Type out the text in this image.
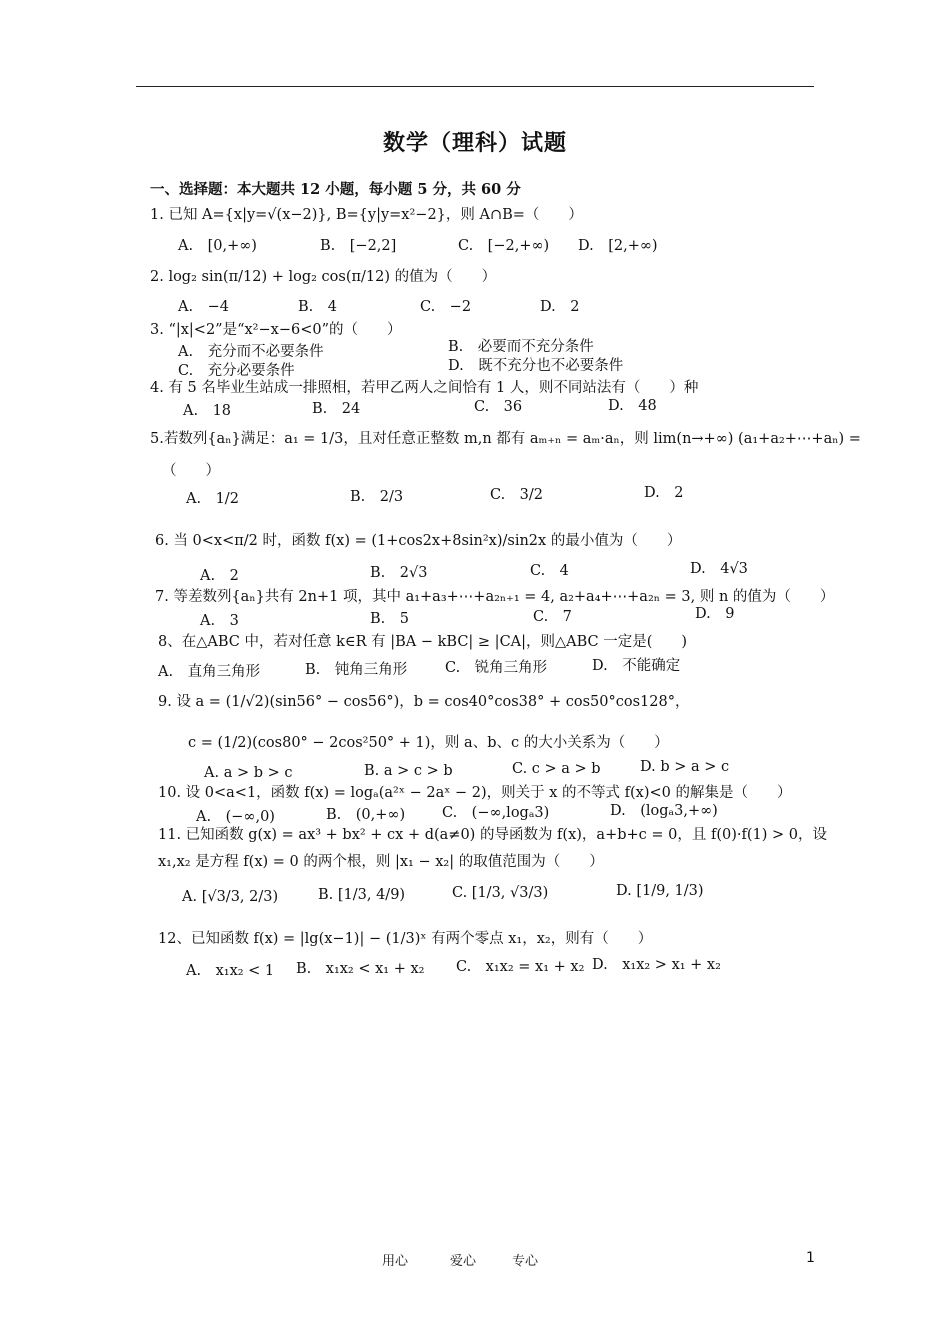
数学（理科）试题
一、选择题：本大题共 12 小题，每小题 5 分，共 60 分
1. 已知 A={x|y=√(x−2)}, B={y|y=x²−2}，则 A∩B=（　　）
A.　[0,+∞)	B.　[−2,2]	C.　[−2,+∞) D.　[2,+∞)
2. log₂ sin(π/12) + log₂ cos(π/12) 的值为（　　）
A.　−4	B.　4	C.　−2	D.　2
3. “|x|<2”是“x²−x−6<0”的（　　）
A.　充分而不必要条件	B.　必要而不充分条件
C.　充分必要条件	D.　既不充分也不必要条件
4. 有 5 名毕业生站成一排照相，若甲乙两人之间恰有 1 人，则不同站法有（　　）种
A.　18	B.　24	C.　36	D.　48
5.若数列{aₙ}满足：a₁ = 1/3，且对任意正整数 m,n 都有 aₘ₊ₙ = aₘ·aₙ，则 lim(n→+∞) (a₁+a₂+⋯+aₙ) =
（　　）
A.　1/2	B.　2/3	C.　3/2	D.　2
6. 当 0<x<π/2 时，函数 f(x) = (1+cos2x+8sin²x)/sin2x 的最小值为（　　）
A.　2	B.　2√3	C.　4	D.　4√3
7. 等差数列{aₙ}共有 2n+1 项，其中 a₁+a₃+⋯+a₂ₙ₊₁ = 4, a₂+a₄+⋯+a₂ₙ = 3, 则 n 的值为（　　）
A.　3	B.　5	C.　7	D.　9
8、在△ABC 中，若对任意 k∈R 有 |BA − kBC| ≥ |CA|，则△ABC 一定是(　　)
A.　直角三角形	B.　钝角三角形	C.　锐角三角形	D.　不能确定
9. 设 a = (1/√2)(sin56° − cos56°)，b = cos40°cos38° + cos50°cos128°，
c = (1/2)(cos80° − 2cos²50° + 1)，则 a、b、c 的大小关系为（　　）
A. a > b > c	B. a > c > b	C. c > a > b	D. b > a > c
10. 设 0<a<1，函数 f(x) = logₐ(a²ˣ − 2aˣ − 2)，则关于 x 的不等式 f(x)<0 的解集是（　　）
A.　(−∞,0)	B.　(0,+∞)	C.　(−∞,logₐ3)	D.　(logₐ3,+∞)
11. 已知函数 g(x) = ax³ + bx² + cx + d(a≠0) 的导函数为 f(x)，a+b+c = 0，且 f(0)·f(1) > 0，设
x₁,x₂ 是方程 f(x) = 0 的两个根，则 |x₁ − x₂| 的取值范围为（　　）
A. [√3/3, 2/3)	B. [1/3, 4/9)	C. [1/3, √3/3)	D. [1/9, 1/3)
12、已知函数 f(x) = |lg(x−1)| − (1/3)ˣ 有两个零点 x₁，x₂，则有（　　）
A.　x₁x₂ < 1 B.　x₁x₂ < x₁ + x₂ C.　x₁x₂ = x₁ + x₂ D.　x₁x₂ > x₁ + x₂
用心	爱心	专心	1
